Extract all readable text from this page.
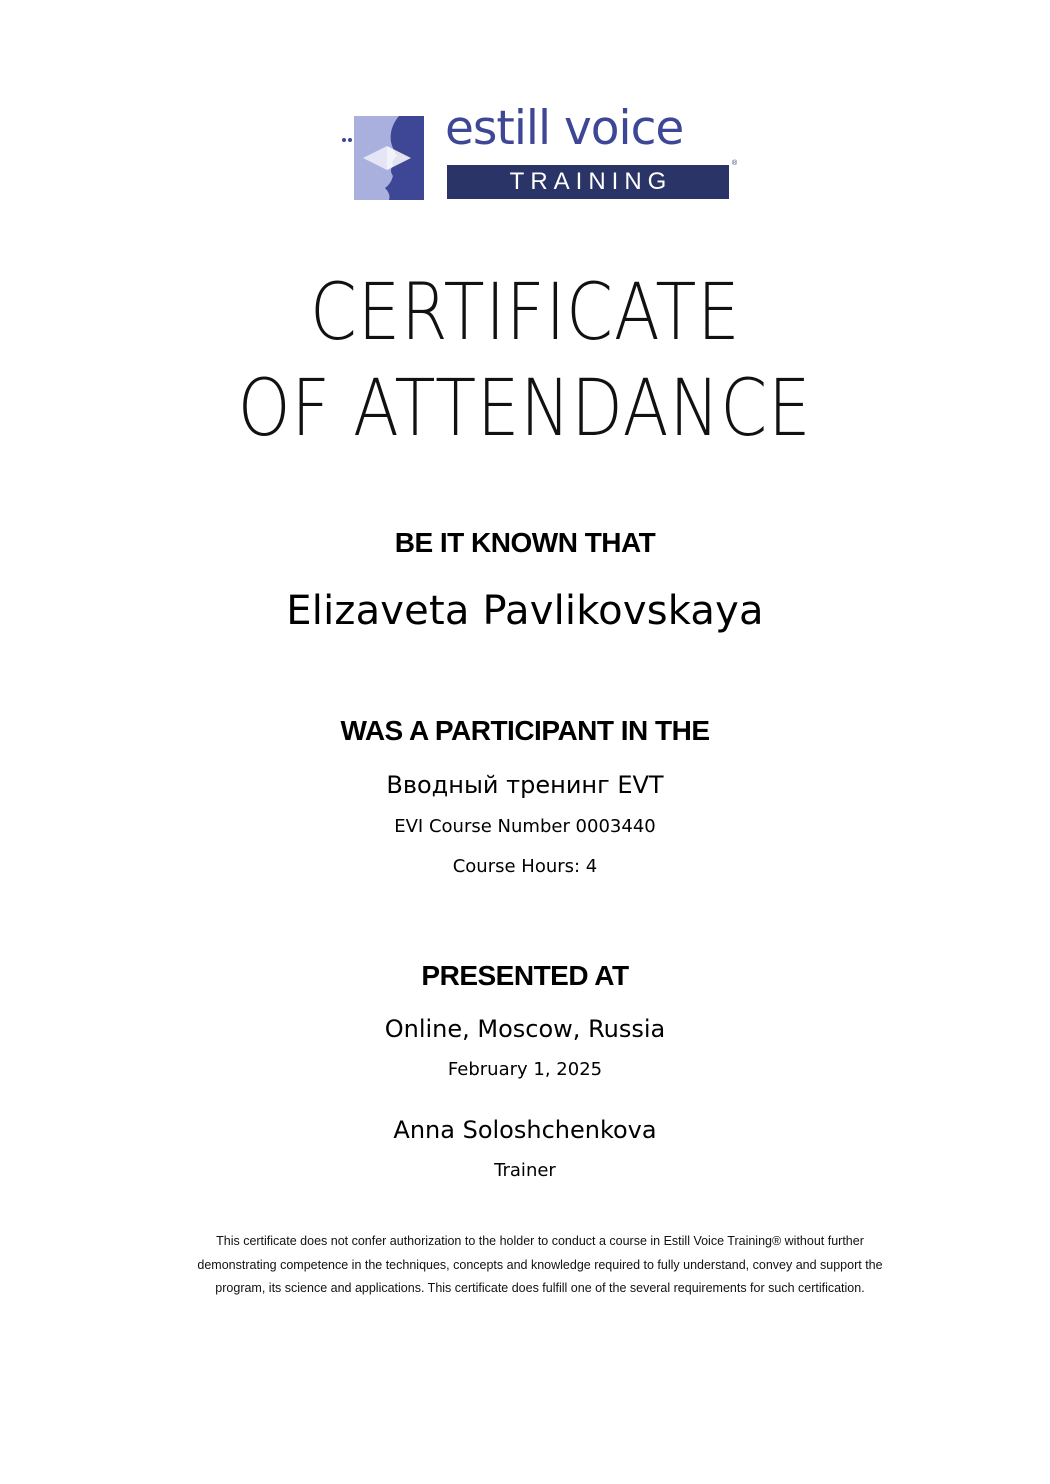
estill voice
TRAINING
®
CERTIFICATE
OF ATTENDANCE
BE IT KNOWN THAT
Elizaveta Pavlikovskaya
WAS A PARTICIPANT IN THE
Вводный тренинг EVT
EVI Course Number 0003440
Course Hours: 4
PRESENTED AT
Online, Moscow, Russia
February 1, 2025
Anna Soloshchenkova
Trainer
This certificate does not confer authorization to the holder to conduct a course in Estill Voice Training® without further demonstrating competence in the techniques, concepts and knowledge required to fully understand, convey and support the program, its science and applications. This certificate does fulfill one of the several requirements for such certification.
